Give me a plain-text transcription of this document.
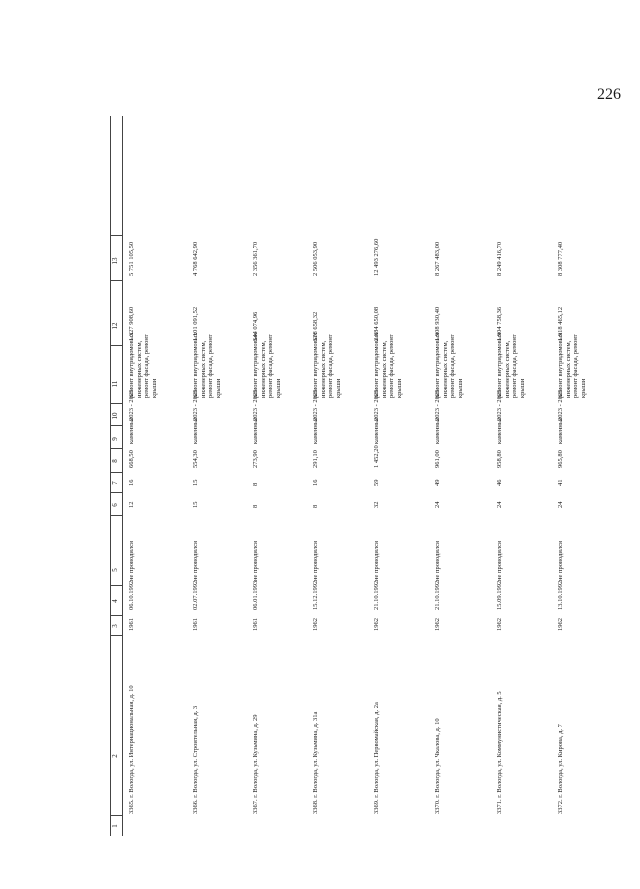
226
1
2
3
4
5
6
7
8
9
10
11
12
13
3365. г. Вологда, ул. Интернациональная, д. 10
1961
06.10.1992
не проводился
12
16
668,50
каменные
2023 - 2025
ремонт внутридомовых инженерных систем, ремонт фасада, ремонт крыши
1 327 908,60
5 751 105,50
3366. г. Вологда, ул. Строительная, д. 3
1961
02.07.1992
не проводился
15
15
554,30
каменные
2023 - 2025
ремонт внутридомовых инженерных систем, ремонт фасада, ремонт крыши
1 101 091,52
4 768 642,90
3367. г. Вологда, ул. Кузьмина, д. 29
1961
06.01.1993
не проводился
8
8
273,90
каменные
2023 - 2025
ремонт внутридомовых инженерных систем, ремонт фасада, ремонт крыши
544 074,96
2 356 361,70
3368. г. Вологда, ул. Кузьмина, д. 31а
1962
15.12.1992
не проводился
8
16
291,10
каменные
2023 - 2025
ремонт внутридомовых инженерных систем, ремонт фасада, ремонт крыши
578 658,32
2 506 053,90
3369. г. Вологда, ул. Первомайская, д. 2а
1962
21.10.1992
не проводился
32
59
1 452,20
каменные
2023 - 2025
ремонт внутридомовых инженерных систем, ремонт фасада, ремонт крыши
2 884 650,08
12 493 276,60
3370. г. Вологда, ул. Чкалова, д. 10
1962
21.10.1992
не проводился
24
49
961,00
каменные
2023 - 2025
ремонт внутридомовых инженерных систем, ремонт фасада, ремонт крыши
1 908 930,40
8 267 483,00
3371. г. Вологда, ул. Коммунистическая, д. 5
1962
15.09.1992
не проводился
24
46
958,80
каменные
2023 - 2025
ремонт внутридомовых инженерных систем, ремонт фасада, ремонт крыши
1 904 758,36
8 249 416,70
3372. г. Вологда, ул. Кирова, д. 7
1962
13.10.1992
не проводился
24
41
965,80
каменные
2023 - 2025
ремонт внутридомовых инженерных систем, ремонт фасада, ремонт крыши
1 918 465,12
8 308 777,40
